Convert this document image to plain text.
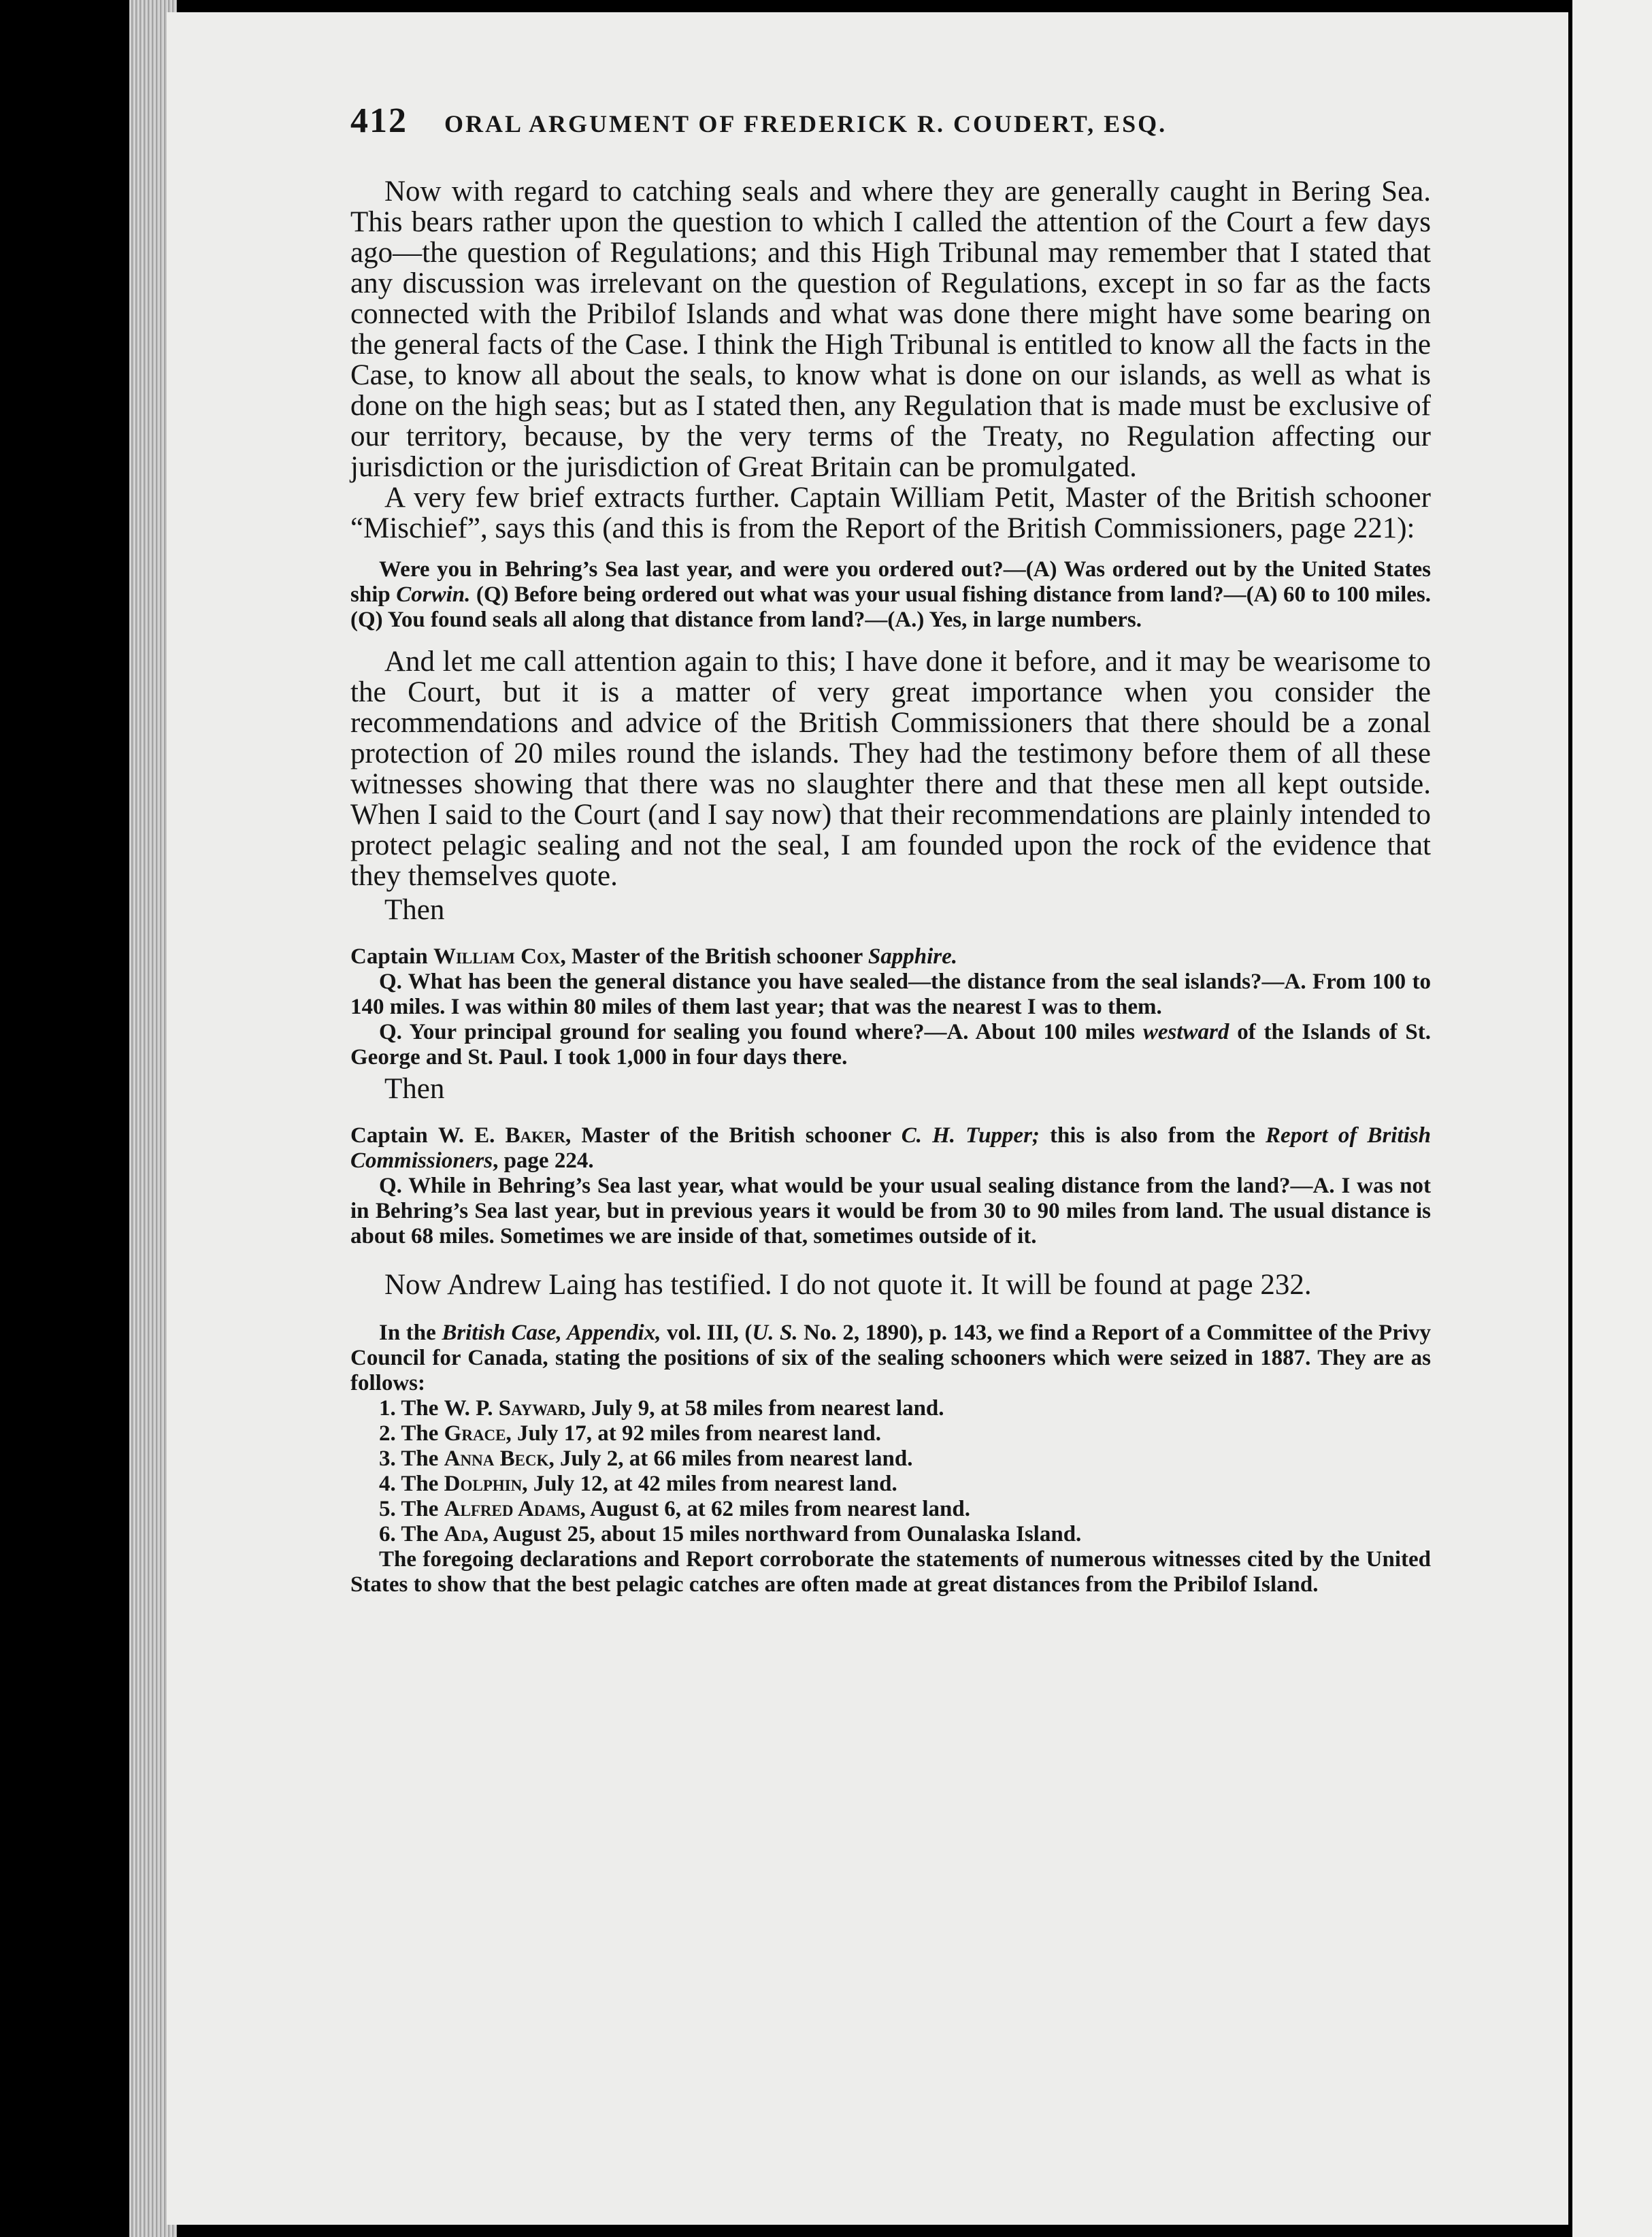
412 ORAL ARGUMENT OF FREDERICK R. COUDERT, ESQ.

Now with regard to catching seals and where they are generally caught in Bering Sea. This bears rather upon the question to which I called the attention of the Court a few days ago—the question of Regulations; and this High Tribunal may remember that I stated that any discussion was irrelevant on the question of Regulations, except in so far as the facts connected with the Pribilof Islands and what was done there might have some bearing on the general facts of the Case. I think the High Tribunal is entitled to know all the facts in the Case, to know all about the seals, to know what is done on our islands, as well as what is done on the high seas; but as I stated then, any Regulation that is made must be exclusive of our territory, because, by the very terms of the Treaty, no Regulation affecting our jurisdiction or the jurisdiction of Great Britain can be promulgated.

A very few brief extracts further. Captain William Petit, Master of the British schooner “Mischief”, says this (and this is from the Report of the British Commissioners, page 221):

Were you in Behring’s Sea last year, and were you ordered out?—(A) Was ordered out by the United States ship Corwin. (Q) Before being ordered out what was your usual fishing distance from land?—(A) 60 to 100 miles. (Q) You found seals all along that distance from land?—(A.) Yes, in large numbers.

And let me call attention again to this; I have done it before, and it may be wearisome to the Court, but it is a matter of very great importance when you consider the recommendations and advice of the British Commissioners that there should be a zonal protection of 20 miles round the islands. They had the testimony before them of all these witnesses showing that there was no slaughter there and that these men all kept outside. When I said to the Court (and I say now) that their recommendations are plainly intended to protect pelagic sealing and not the seal, I am founded upon the rock of the evidence that they themselves quote.

Then

Captain William Cox, Master of the British schooner Sapphire.

Q. What has been the general distance you have sealed—the distance from the seal islands?—A. From 100 to 140 miles. I was within 80 miles of them last year; that was the nearest I was to them.

Q. Your principal ground for sealing you found where?—A. About 100 miles westward of the Islands of St. George and St. Paul. I took 1,000 in four days there.

Then

Captain W. E. Baker, Master of the British schooner C. H. Tupper; this is also from the Report of British Commissioners, page 224.

Q. While in Behring’s Sea last year, what would be your usual sealing distance from the land?—A. I was not in Behring’s Sea last year, but in previous years it would be from 30 to 90 miles from land. The usual distance is about 68 miles. Sometimes we are inside of that, sometimes outside of it.

Now Andrew Laing has testified. I do not quote it. It will be found at page 232.

In the British Case, Appendix, vol. III, (U. S. No. 2, 1890), p. 143, we find a Report of a Committee of the Privy Council for Canada, stating the positions of six of the sealing schooners which were seized in 1887. They are as follows:

1. The W. P. Sayward, July 9, at 58 miles from nearest land.
2. The Grace, July 17, at 92 miles from nearest land.
3. The Anna Beck, July 2, at 66 miles from nearest land.
4. The Dolphin, July 12, at 42 miles from nearest land.
5. The Alfred Adams, August 6, at 62 miles from nearest land.
6. The Ada, August 25, about 15 miles northward from Ounalaska Island.

The foregoing declarations and Report corroborate the statements of numerous witnesses cited by the United States to show that the best pelagic catches are often made at great distances from the Pribilof Island.
